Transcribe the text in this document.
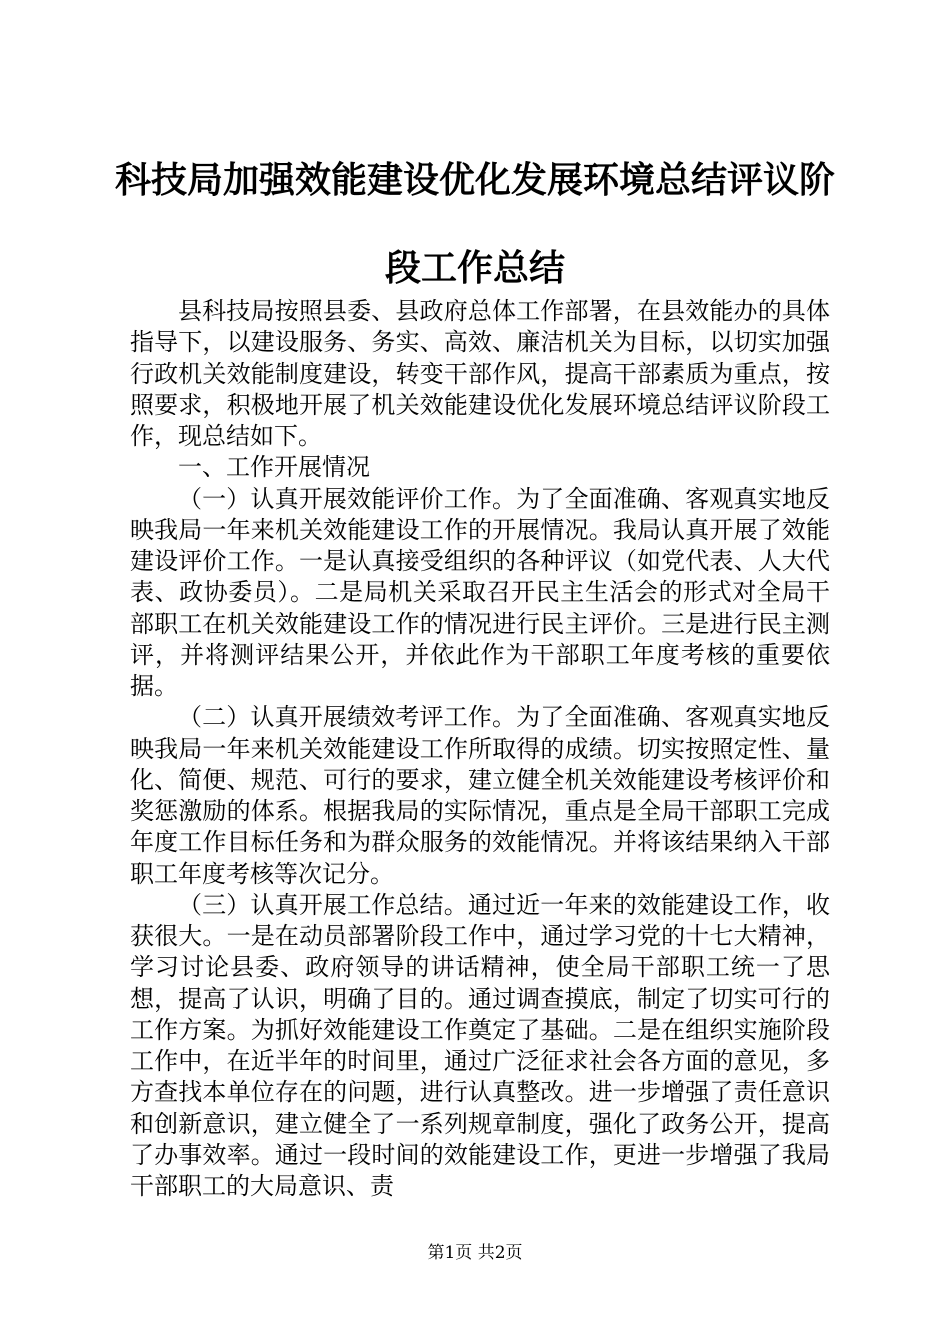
科技局加强效能建设优化发展环境总结评议阶
段工作总结

县科技局按照县委、县政府总体工作部署，在县效能办的具体指导下，以建设服务、务实、高效、廉洁机关为目标，以切实加强行政机关效能制度建设，转变干部作风，提高干部素质为重点，按照要求，积极地开展了机关效能建设优化发展环境总结评议阶段工作，现总结如下。

一、工作开展情况

（一）认真开展效能评价工作。为了全面准确、客观真实地反映我局一年来机关效能建设工作的开展情况。我局认真开展了效能建设评价工作。一是认真接受组织的各种评议（如党代表、人大代表、政协委员）。二是局机关采取召开民主生活会的形式对全局干部职工在机关效能建设工作的情况进行民主评价。三是进行民主测评，并将测评结果公开，并依此作为干部职工年度考核的重要依据。

（二）认真开展绩效考评工作。为了全面准确、客观真实地反映我局一年来机关效能建设工作所取得的成绩。切实按照定性、量化、简便、规范、可行的要求，建立健全机关效能建设考核评价和奖惩激励的体系。根据我局的实际情况，重点是全局干部职工完成年度工作目标任务和为群众服务的效能情况。并将该结果纳入干部职工年度考核等次记分。

（三）认真开展工作总结。通过近一年来的效能建设工作，收获很大。一是在动员部署阶段工作中，通过学习党的十七大精神，学习讨论县委、政府领导的讲话精神，使全局干部职工统一了思想，提高了认识，明确了目的。通过调查摸底，制定了切实可行的工作方案。为抓好效能建设工作奠定了基础。二是在组织实施阶段工作中，在近半年的时间里，通过广泛征求社会各方面的意见，多方查找本单位存在的问题，进行认真整改。进一步增强了责任意识和创新意识，建立健全了一系列规章制度，强化了政务公开，提高了办事效率。通过一段时间的效能建设工作，更进一步增强了我局干部职工的大局意识、责

第1页 共2页
